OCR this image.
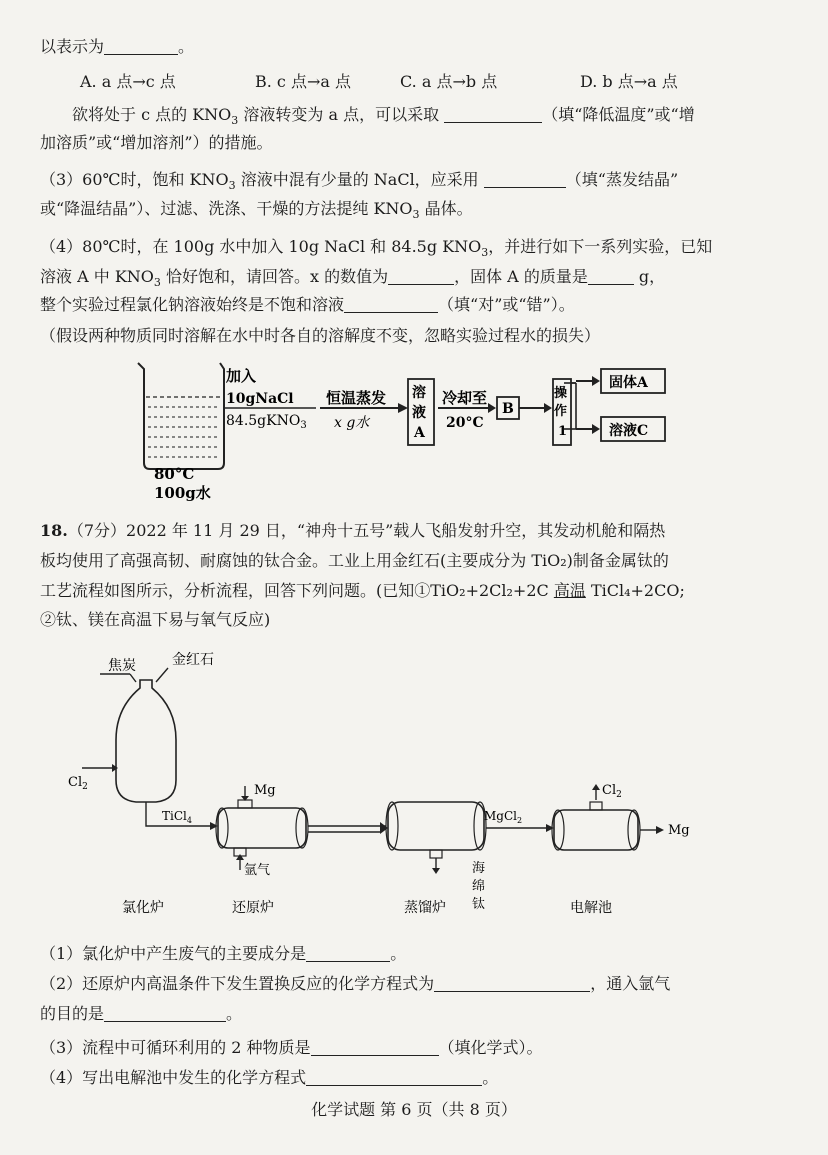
以表示为	。
A. a 点→c 点	B. c 点→a 点	C. a 点→b 点	D. b 点→a 点
欲将处于 c 点的 $KNO_3$ 溶液转变为 a 点，可以采取	（填“降低温度”或“增
加溶质”或“增加溶剂”）的措施。
（3）60℃时，饱和 $KNO_3$ 溶液中混有少量的 NaCl，应采用	（填“蒸发结晶”
或“降温结晶”）、过滤、洗涤、干燥的方法提纯 $KNO_3$ 晶体。
（4）80℃时，在 100g 水中加入 10g NaCl 和 84.5g $KNO_3$，并进行如下一系列实验，已知
溶液 A 中 $KNO_3$ 恰好饱和，请回答。x 的数值为	，固体 A 的质量是	g，
整个实验过程氯化钠溶液始终是不饱和溶液	（填“对”或“错”）。
（假设两种物质同时溶解在水中时各自的溶解度不变，忽略实验过程水的损失）
加入
10gNaCl
84.5gKNO$_3$
80°C
100g水
恒温蒸发
x g水
溶
液
A
冷却至
20°C
B
操
作
1
固体A
溶液C
18.（7分）2022 年 11 月 29 日，“神舟十五号”载人飞船发射升空，其发动机舱和隔热
板均使用了高强高韧、耐腐蚀的钛合金。工业上用金红石(主要成分为 TiO₂)制备金属钛的
工艺流程如图所示，分析流程，回答下列问题。(已知①TiO₂+2Cl₂+2C 高温 TiCl₄+2CO;
②钛、镁在高温下易与氧气反应)
焦炭	金红石
$Cl_2$
TiCl$_4$
Mg
氩气	海
绵
钛
MgCl$_2$
$Cl_2$
Mg
氯化炉	还原炉	蒸馏炉	电解池
（1）氯化炉中产生废气的主要成分是	。
（2）还原炉内高温条件下发生置换反应的化学方程式为	，通入氩气
的目的是	。
（3）流程中可循环利用的 2 种物质是	（填化学式）。
（4）写出电解池中发生的化学方程式	。
化学试题 第 6 页（共 8 页）
